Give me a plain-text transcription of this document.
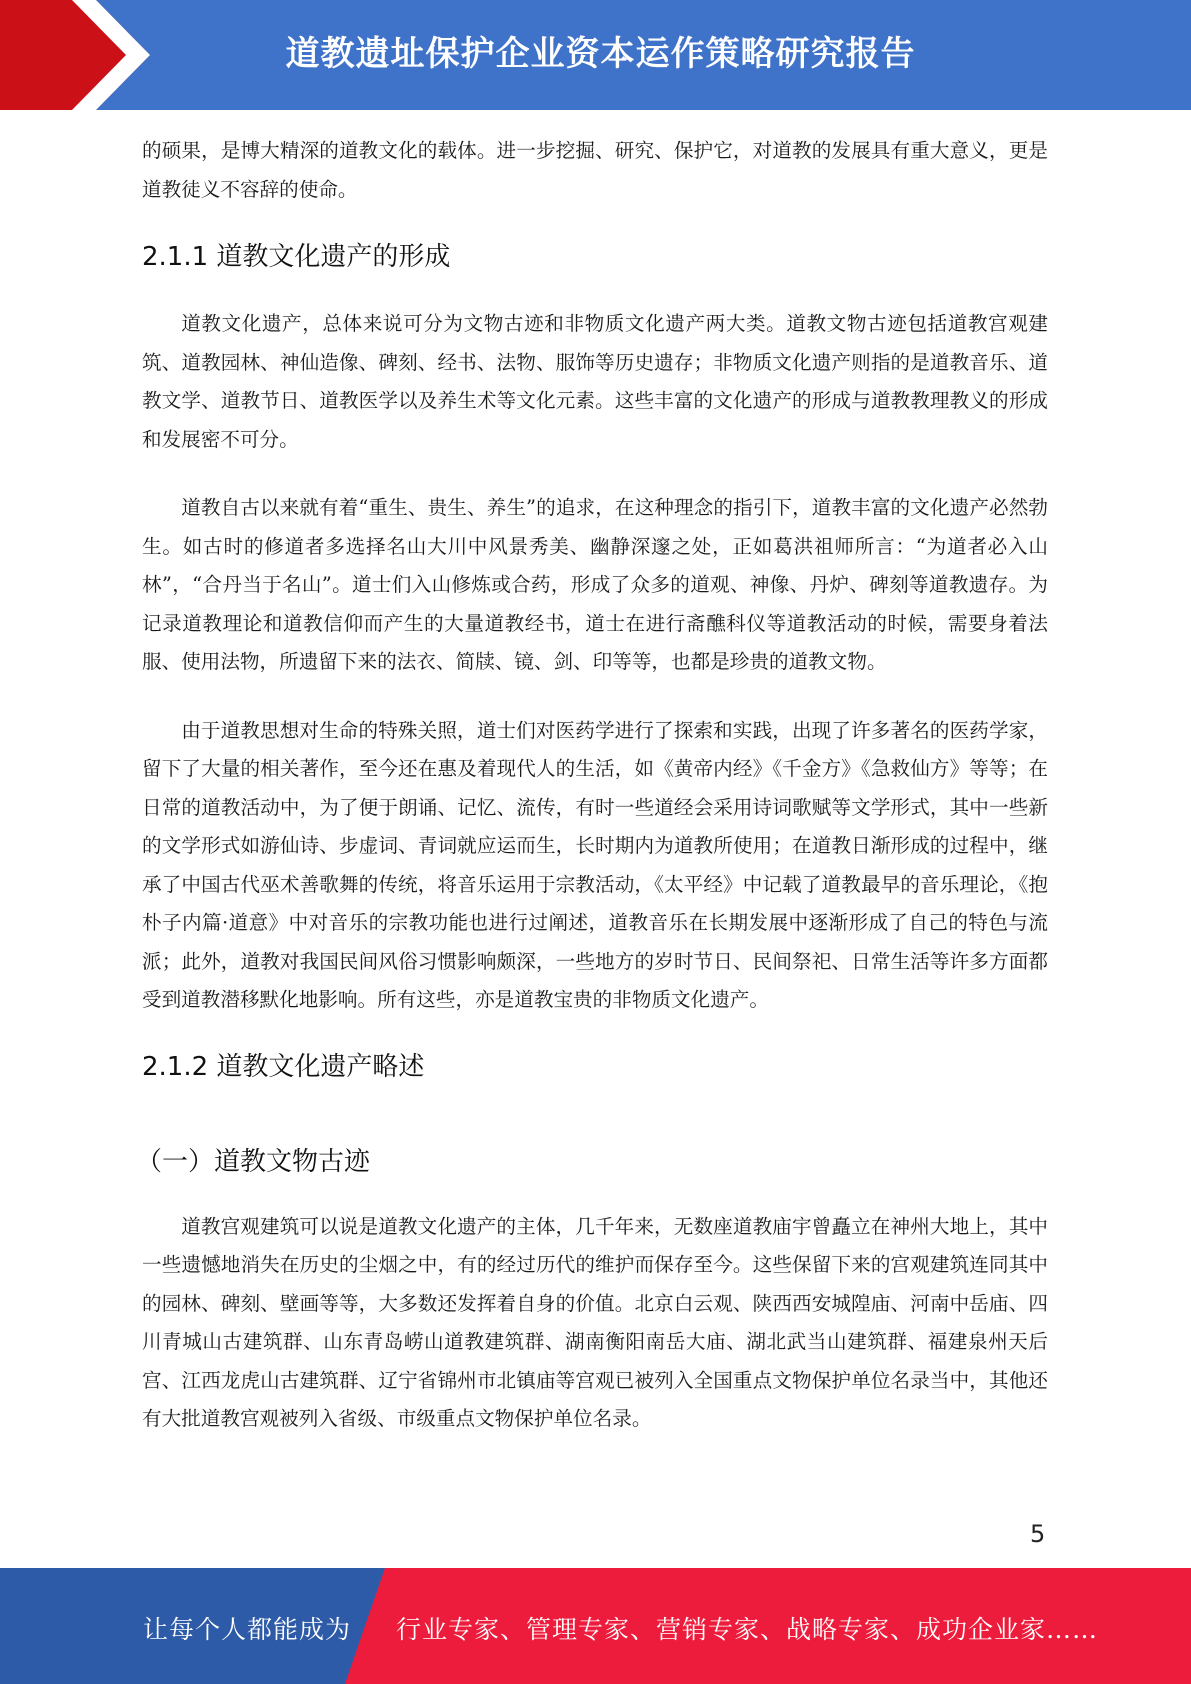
道教遗址保护企业资本运作策略研究报告

的硕果，是博大精深的道教文化的载体。进一步挖掘、研究、保护它，对道教的发展具有重大意义，更是道教徒义不容辞的使命。

2.1.1 道教文化遗产的形成

道教文化遗产，总体来说可分为文物古迹和非物质文化遗产两大类。道教文物古迹包括道教宫观建筑、道教园林、神仙造像、碑刻、经书、法物、服饰等历史遗存；非物质文化遗产则指的是道教音乐、道教文学、道教节日、道教医学以及养生术等文化元素。这些丰富的文化遗产的形成与道教教理教义的形成和发展密不可分。

道教自古以来就有着“重生、贵生、养生”的追求，在这种理念的指引下，道教丰富的文化遗产必然勃生。如古时的修道者多选择名山大川中风景秀美、幽静深邃之处，正如葛洪祖师所言：“为道者必入山林”，“合丹当于名山”。道士们入山修炼或合药，形成了众多的道观、神像、丹炉、碑刻等道教遗存。为记录道教理论和道教信仰而产生的大量道教经书，道士在进行斋醮科仪等道教活动的时候，需要身着法服、使用法物，所遗留下来的法衣、简牍、镜、剑、印等等，也都是珍贵的道教文物。

由于道教思想对生命的特殊关照，道士们对医药学进行了探索和实践，出现了许多著名的医药学家，留下了大量的相关著作，至今还在惠及着现代人的生活，如《黄帝内经》《千金方》《急救仙方》等等；在日常的道教活动中，为了便于朗诵、记忆、流传，有时一些道经会采用诗词歌赋等文学形式，其中一些新的文学形式如游仙诗、步虚词、青词就应运而生，长时期内为道教所使用；在道教日渐形成的过程中，继承了中国古代巫术善歌舞的传统，将音乐运用于宗教活动，《太平经》中记载了道教最早的音乐理论，《抱朴子内篇·道意》中对音乐的宗教功能也进行过阐述，道教音乐在长期发展中逐渐形成了自己的特色与流派；此外，道教对我国民间风俗习惯影响颇深，一些地方的岁时节日、民间祭祀、日常生活等许多方面都受到道教潜移默化地影响。所有这些，亦是道教宝贵的非物质文化遗产。

2.1.2 道教文化遗产略述
（一）道教文物古迹

道教宫观建筑可以说是道教文化遗产的主体，几千年来，无数座道教庙宇曾矗立在神州大地上，其中一些遗憾地消失在历史的尘烟之中，有的经过历代的维护而保存至今。这些保留下来的宫观建筑连同其中的园林、碑刻、壁画等等，大多数还发挥着自身的价值。北京白云观、陕西西安城隍庙、河南中岳庙、四川青城山古建筑群、山东青岛崂山道教建筑群、湖南衡阳南岳大庙、湖北武当山建筑群、福建泉州天后宫、江西龙虎山古建筑群、辽宁省锦州市北镇庙等宫观已被列入全国重点文物保护单位名录当中，其他还有大批道教宫观被列入省级、市级重点文物保护单位名录。

5
让每个人都能成为 行业专家、管理专家、营销专家、战略专家、成功企业家……
